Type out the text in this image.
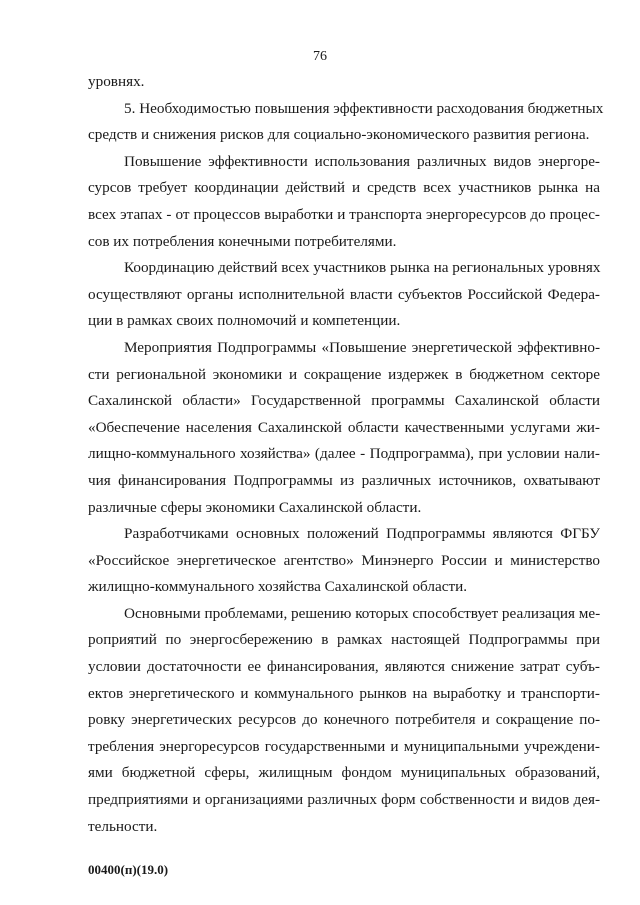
76
уровнях.
5. Необходимостью повышения эффективности расходования бюджетных
средств и снижения рисков для социально-экономического развития региона.
Повышение эффективности использования различных видов энергоре-
сурсов требует координации действий и средств всех участников рынка на
всех этапах - от процессов выработки и транспорта энергоресурсов до процес-
сов их потребления конечными потребителями.
Координацию действий всех участников рынка на региональных уровнях
осуществляют органы исполнительной власти субъектов Российской Федера-
ции в рамках своих полномочий и компетенции.
Мероприятия Подпрограммы «Повышение энергетической эффективно-
сти региональной экономики и сокращение издержек в бюджетном секторе
Сахалинской области» Государственной программы Сахалинской области
«Обеспечение населения Сахалинской области качественными услугами жи-
лищно-коммунального хозяйства» (далее - Подпрограмма), при условии нали-
чия финансирования Подпрограммы из различных источников, охватывают
различные сферы экономики Сахалинской области.
Разработчиками основных положений Подпрограммы являются ФГБУ
«Российское энергетическое агентство» Минэнерго России и министерство
жилищно-коммунального хозяйства Сахалинской области.
Основными проблемами, решению которых способствует реализация ме-
роприятий по энергосбережению в рамках настоящей Подпрограммы при
условии достаточности ее финансирования, являются снижение затрат субъ-
ектов энергетического и коммунального рынков на выработку и транспорти-
ровку энергетических ресурсов до конечного потребителя и сокращение по-
требления энергоресурсов государственными и муниципальными учреждени-
ями бюджетной сферы, жилищным фондом муниципальных образований,
предприятиями и организациями различных форм собственности и видов дея-
тельности.
00400(п)(19.0)
